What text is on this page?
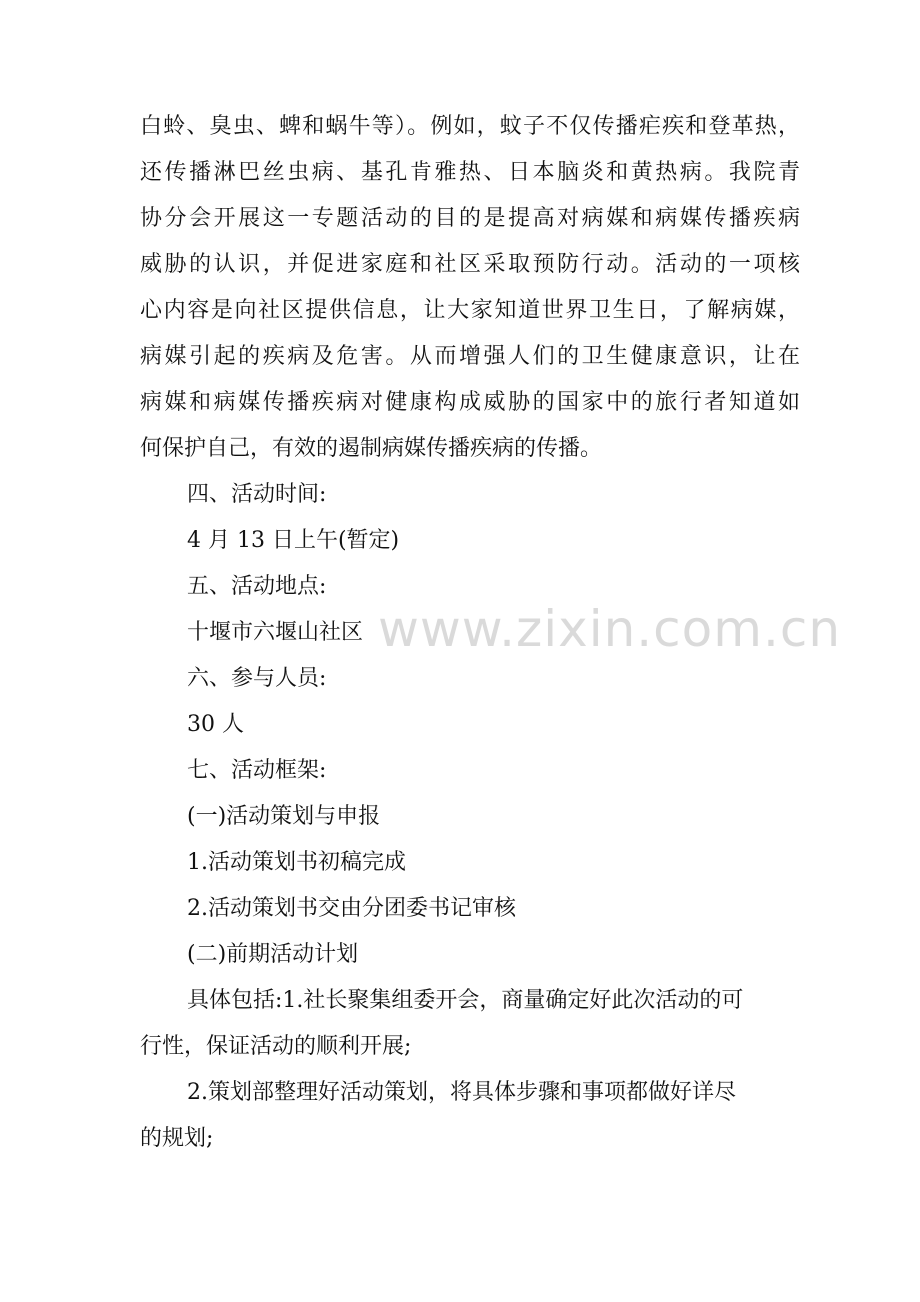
白蛉、臭虫、蜱和蜗牛等）。例如，蚊子不仅传播疟疾和登革热，
还传播淋巴丝虫病、基孔肯雅热、日本脑炎和黄热病。我院青
协分会开展这一专题活动的目的是提高对病媒和病媒传播疾病
威胁的认识，并促进家庭和社区采取预防行动。活动的一项核
心内容是向社区提供信息，让大家知道世界卫生日，了解病媒，
病媒引起的疾病及危害。从而增强人们的卫生健康意识，让在
病媒和病媒传播疾病对健康构成威胁的国家中的旅行者知道如
何保护自己，有效的遏制病媒传播疾病的传播。
四、活动时间:
4 月 13 日上午(暂定)
五、活动地点:
十堰市六堰山社区
六、参与人员:
30 人
七、活动框架:
(一)活动策划与申报
1.活动策划书初稿完成
2.活动策划书交由分团委书记审核
(二)前期活动计划
具体包括:1.社长聚集组委开会，商量确定好此次活动的可
行性，保证活动的顺利开展;
2.策划部整理好活动策划，将具体步骤和事项都做好详尽
的规划;
www.zixin.com.cn
